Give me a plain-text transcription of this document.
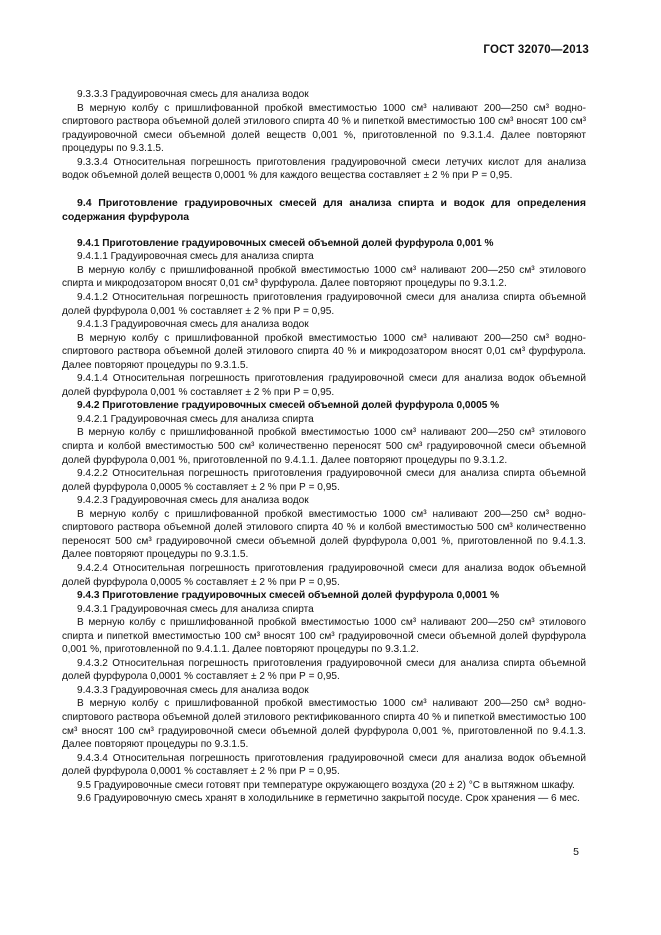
ГОСТ 32070—2013

9.3.3.3 Градуировочная смесь для анализа водок

В мерную колбу с пришлифованной пробкой вместимостью 1000 см³ наливают 200—250 см³ водно-спиртового раствора объемной долей этилового спирта 40 % и пипеткой вместимостью 100 см³ вносят 100 см³ градуировочной смеси объемной долей веществ 0,001 %, приготовленной по 9.3.1.4. Далее повторяют процедуры по 9.3.1.5.

9.3.3.4 Относительная погрешность приготовления градуировочной смеси летучих кислот для анализа водок объемной долей веществ 0,0001 % для каждого вещества составляет ± 2 % при Р = 0,95.

9.4 Приготовление градуировочных смесей для анализа спирта и водок для определения содержания фурфурола

9.4.1 Приготовление градуировочных смесей объемной долей фурфурола 0,001 %

9.4.1.1 Градуировочная смесь для анализа спирта

В мерную колбу с пришлифованной пробкой вместимостью 1000 см³ наливают 200—250 см³ этилового спирта и микродозатором вносят 0,01 см³ фурфурола. Далее повторяют процедуры по 9.3.1.2.

9.4.1.2 Относительная погрешность приготовления градуировочной смеси для анализа спирта объемной долей фурфурола 0,001 % составляет ± 2 % при Р = 0,95.

9.4.1.3 Градуировочная смесь для анализа водок

В мерную колбу с пришлифованной пробкой вместимостью 1000 см³ наливают 200—250 см³ водно-спиртового раствора объемной долей этилового спирта 40 % и микродозатором вносят 0,01 см³ фурфурола. Далее повторяют процедуры по 9.3.1.5.

9.4.1.4 Относительная погрешность приготовления градуировочной смеси для анализа водок объемной долей фурфурола 0,001 % составляет ± 2 % при Р = 0,95.

9.4.2 Приготовление градуировочных смесей объемной долей фурфурола 0,0005 %

9.4.2.1 Градуировочная смесь для анализа спирта

В мерную колбу с пришлифованной пробкой вместимостью 1000 см³ наливают 200—250 см³ этилового спирта и колбой вместимостью 500 см³ количественно переносят 500 см³ градуировочной смеси объемной долей фурфурола 0,001 %, приготовленной по 9.4.1.1. Далее повторяют процедуры по 9.3.1.2.

9.4.2.2 Относительная погрешность приготовления градуировочной смеси для анализа спирта объемной долей фурфурола 0,0005 % составляет ± 2 % при Р = 0,95.

9.4.2.3 Градуировочная смесь для анализа водок

В мерную колбу с пришлифованной пробкой вместимостью 1000 см³ наливают 200—250 см³ водно-спиртового раствора объемной долей этилового спирта 40 % и колбой вместимостью 500 см³ количественно переносят 500 см³ градуировочной смеси объемной долей фурфурола 0,001 %, приготовленной по 9.4.1.3. Далее повторяют процедуры по 9.3.1.5.

9.4.2.4 Относительная погрешность приготовления градуировочной смеси для анализа водок объемной долей фурфурола 0,0005 % составляет ± 2 % при Р = 0,95.

9.4.3 Приготовление градуировочных смесей объемной долей фурфурола 0,0001 %

9.4.3.1 Градуировочная смесь для анализа спирта

В мерную колбу с пришлифованной пробкой вместимостью 1000 см³ наливают 200—250 см³ этилового спирта и пипеткой вместимостью 100 см³ вносят 100 см³ градуировочной смеси объемной долей фурфурола 0,001 %, приготовленной по 9.4.1.1. Далее повторяют процедуры по 9.3.1.2.

9.4.3.2 Относительная погрешность приготовления градуировочной смеси для анализа спирта объемной долей фурфурола 0,0001 % составляет ± 2 % при Р = 0,95.

9.4.3.3 Градуировочная смесь для анализа водок

В мерную колбу с пришлифованной пробкой вместимостью 1000 см³ наливают 200—250 см³ водно-спиртового раствора объемной долей этилового ректификованного спирта 40 % и пипеткой вместимостью 100 см³ вносят 100 см³ градуировочной смеси объемной долей фурфурола 0,001 %, приготовленной по 9.4.1.3. Далее повторяют процедуры по 9.3.1.5.

9.4.3.4 Относительная погрешность приготовления градуировочной смеси для анализа водок объемной долей фурфурола 0,0001 % составляет ± 2 % при Р = 0,95.

9.5 Градуировочные смеси готовят при температуре окружающего воздуха (20 ± 2) °С в вытяжном шкафу.

9.6 Градуировочную смесь хранят в холодильнике в герметично закрытой посуде. Срок хранения — 6 мес.

5
